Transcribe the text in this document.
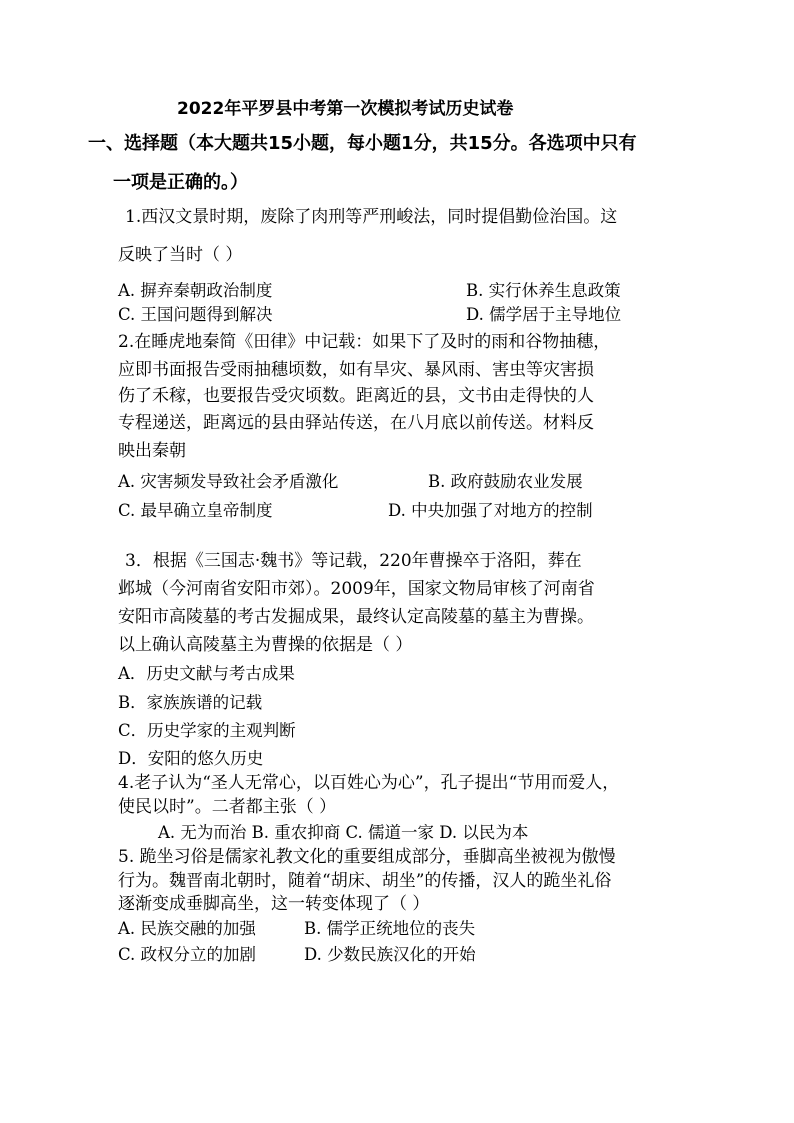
2022年平罗县中考第一次模拟考试历史试卷
一、选择题（本大题共15小题，每小题1分，共15分。各选项中只有
一项是正确的。）
1.西汉文景时期，废除了肉刑等严刑峻法，同时提倡勤俭治国。这
反映了当时（ ）
A. 摒弃秦朝政治制度	B. 实行休养生息政策
C. 王国问题得到解决	D. 儒学居于主导地位
2.在睡虎地秦简《田律》中记载：如果下了及时的雨和谷物抽穗，
应即书面报告受雨抽穗顷数，如有旱灾、暴风雨、害虫等灾害损
伤了禾稼，也要报告受灾顷数。距离近的县，文书由走得快的人
专程递送，距离远的县由驿站传送，在八月底以前传送。材料反
映出秦朝
A. 灾害频发导致社会矛盾激化	B. 政府鼓励农业发展
C. 最早确立皇帝制度	D. 中央加强了对地方的控制
3．根据《三国志·魏书》等记载，220年曹操卒于洛阳，葬在
邺城（今河南省安阳市郊）。2009年，国家文物局审核了河南省
安阳市高陵墓的考古发掘成果，最终认定高陵墓的墓主为曹操。
以上确认高陵墓主为曹操的依据是（ ）
A．历史文献与考古成果
B．家族族谱的记载
C．历史学家的主观判断
D．安阳的悠久历史
4.老子认为“圣人无常心，以百姓心为心”，孔子提出“节用而爱人，
使民以时”。二者都主张（ ）
A. 无为而治 B. 重农抑商 C. 儒道一家 D. 以民为本
5. 跪坐习俗是儒家礼教文化的重要组成部分，垂脚高坐被视为傲慢
行为。魏晋南北朝时，随着“胡床、胡坐”的传播，汉人的跪坐礼俗
逐渐变成垂脚高坐，这一转变体现了（ ）
A. 民族交融的加强	B. 儒学正统地位的丧失
C. 政权分立的加剧	D. 少数民族汉化的开始
